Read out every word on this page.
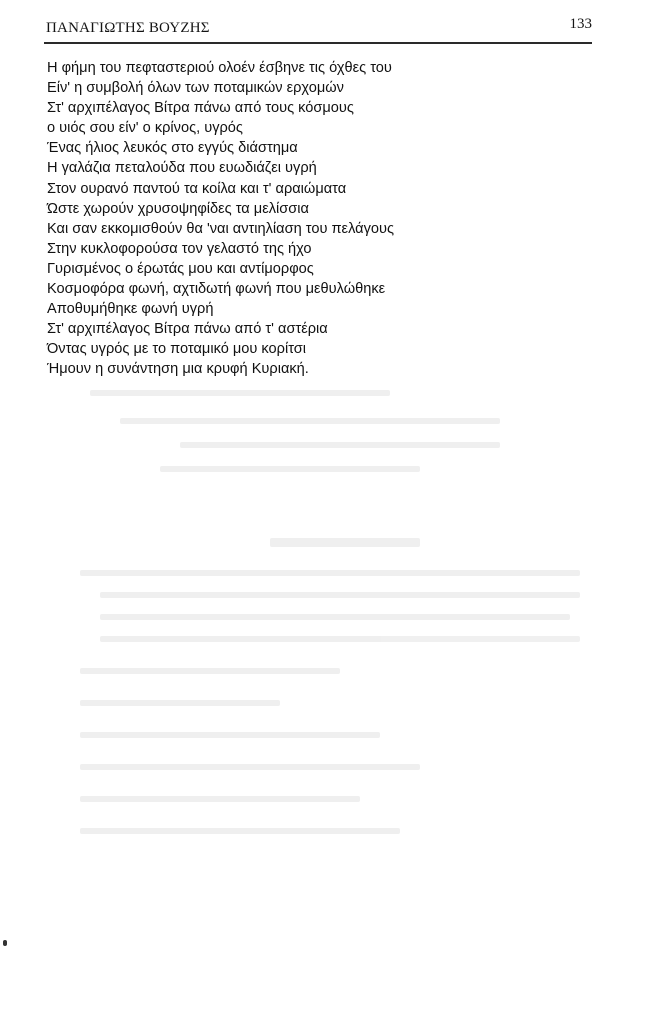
ΠΑΝΑΓΙΩΤΗΣ ΒΟΥΖΗΣ	133
Η φήμη του πεφταστεριού ολοέν έσβηνε τις όχθες του
Είν' η συμβολή όλων των ποταμικών ερχομών
Στ' αρχιπέλαγος Βίτρα πάνω από τους κόσμους
ο υιός σου είν' ο κρίνος, υγρός
Ένας ήλιος λευκός στο εγγύς διάστημα
Η γαλάζια πεταλούδα που ευωδιάζει υγρή
Στον ουρανό παντού τα κοίλα και τ' αραιώματα
Ώστε χωρούν χρυσοψηφίδες τα μελίσσια
Και σαν εκκομισθούν θα 'ναι αντιηλίαση του πελάγους
Στην κυκλοφορούσα τον γελαστό της ήχο
Γυρισμένος ο έρωτάς μου και αντίμορφος
Κοσμοφόρα φωνή, αχτιδωτή φωνή που μεθυλώθηκε
Αποθυμήθηκε φωνή υγρή
Στ' αρχιπέλαγος Βίτρα πάνω από τ' αστέρια
Όντας υγρός με το ποταμικό μου κορίτσι
Ήμουν η συνάντηση μια κρυφή Κυριακή.
